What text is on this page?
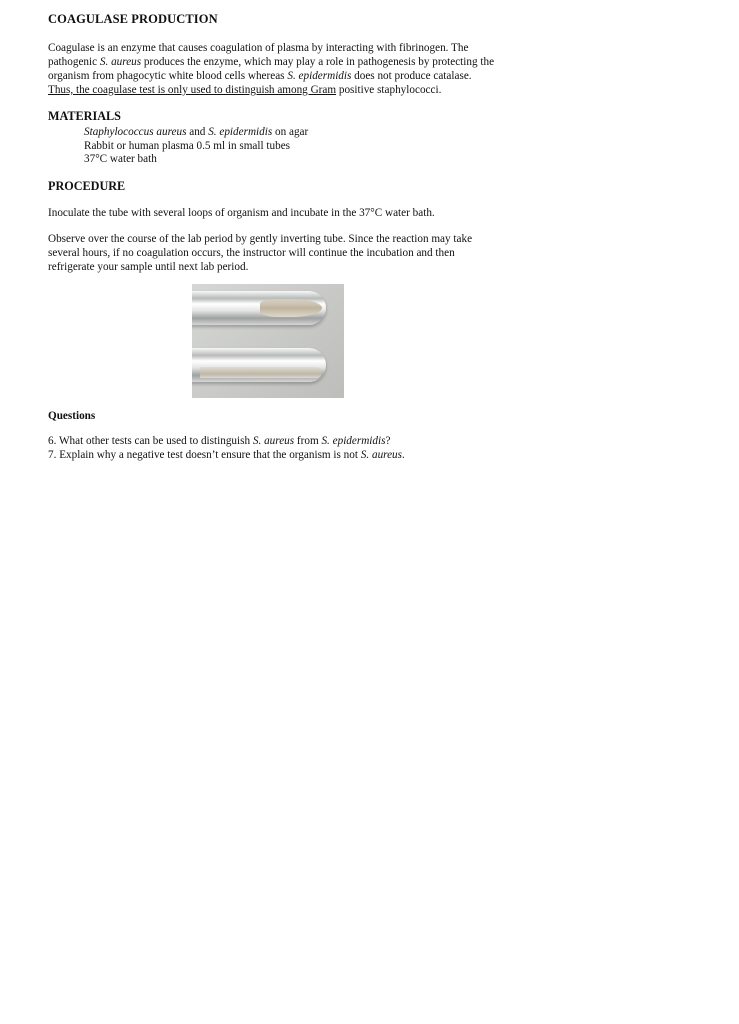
COAGULASE PRODUCTION

Coagulase is an enzyme that causes coagulation of plasma by interacting with fibrinogen. The pathogenic S. aureus produces the enzyme, which may play a role in pathogenesis by protecting the organism from phagocytic white blood cells whereas S. epidermidis does not produce catalase. Thus, the coagulase test is only used to distinguish among Gram positive staphylococci.

MATERIALS
Staphylococcus aureus and S. epidermidis on agar
Rabbit or human plasma 0.5 ml in small tubes
37°C water bath
PROCEDURE

Inoculate the tube with several loops of organism and incubate in the 37°C water bath.

Observe over the course of the lab period by gently inverting tube. Since the reaction may take several hours, if no coagulation occurs, the instructor will continue the incubation and then refrigerate your sample until next lab period.

Questions
6. What other tests can be used to distinguish S. aureus from S. epidermidis?
7. Explain why a negative test doesn’t ensure that the organism is not S. aureus.
